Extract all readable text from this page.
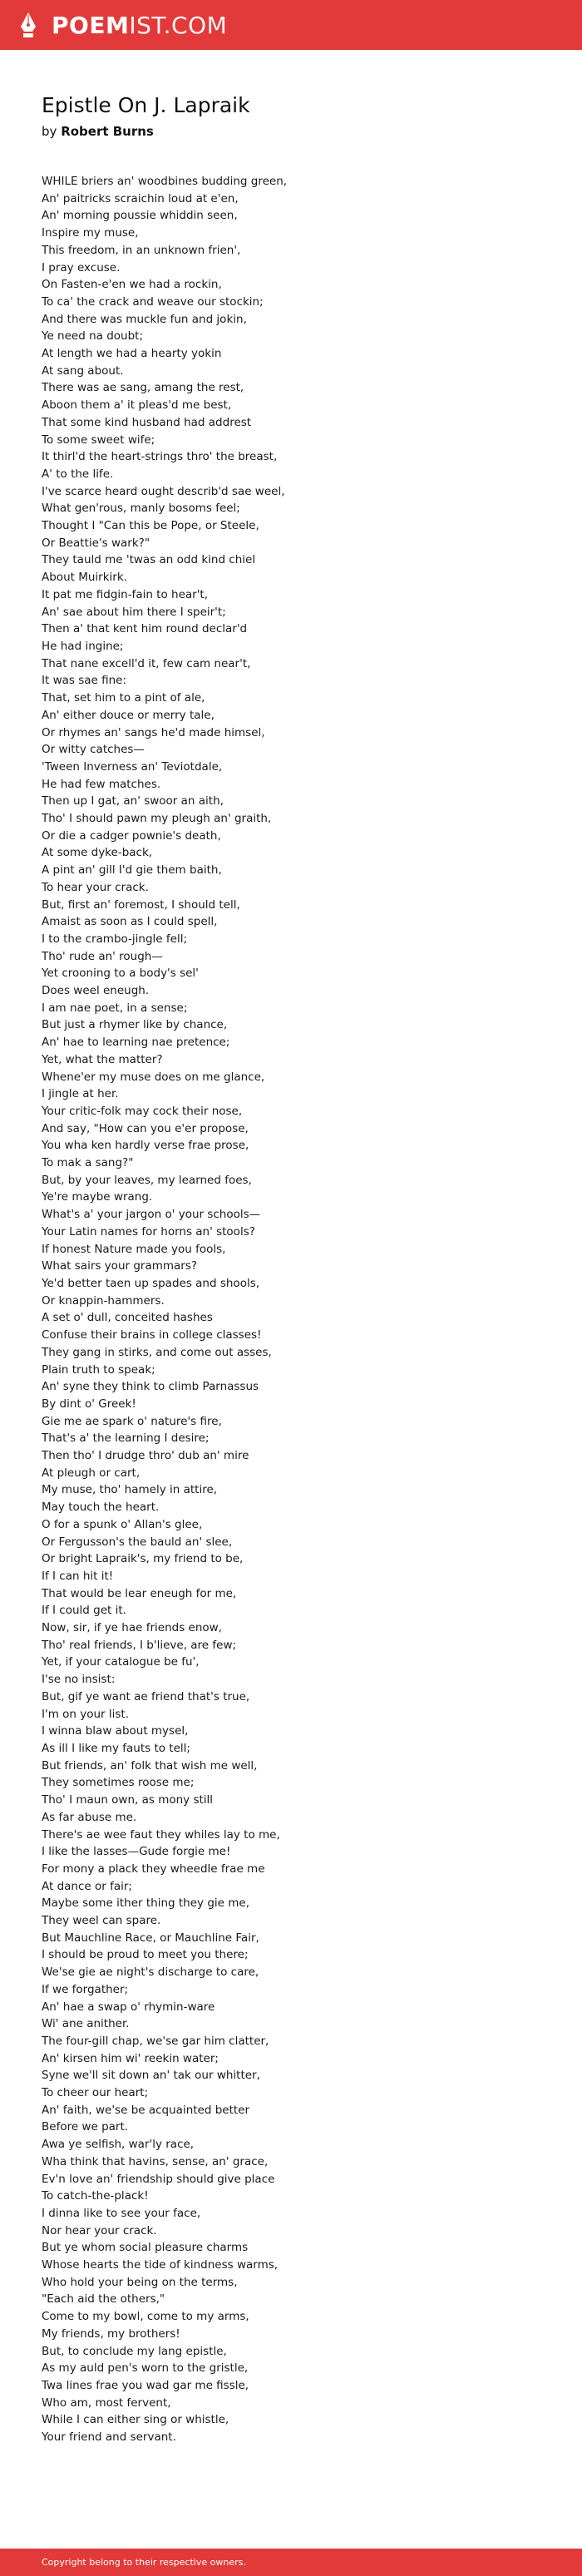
POEMIST.COM
Epistle On J. Lapraik
by Robert Burns
WHILE briers an' woodbines budding green,
An' paitricks scraichin loud at e'en,
An' morning poussie whiddin seen,
Inspire my muse,
This freedom, in an unknown frien',
I pray excuse.
On Fasten-e'en we had a rockin,
To ca' the crack and weave our stockin;
And there was muckle fun and jokin,
Ye need na doubt;
At length we had a hearty yokin
At sang about.
There was ae sang, amang the rest,
Aboon them a' it pleas'd me best,
That some kind husband had addrest
To some sweet wife;
It thirl'd the heart-strings thro' the breast,
A' to the life.
I've scarce heard ought describ'd sae weel,
What gen'rous, manly bosoms feel;
Thought I "Can this be Pope, or Steele,
Or Beattie's wark?"
They tauld me 'twas an odd kind chiel
About Muirkirk.
It pat me fidgin-fain to hear't,
An' sae about him there I speir't;
Then a' that kent him round declar'd
He had ingine;
That nane excell'd it, few cam near't,
It was sae fine:
That, set him to a pint of ale,
An' either douce or merry tale,
Or rhymes an' sangs he'd made himsel,
Or witty catches—
'Tween Inverness an' Teviotdale,
He had few matches.
Then up I gat, an' swoor an aith,
Tho' I should pawn my pleugh an' graith,
Or die a cadger pownie's death,
At some dyke-back,
A pint an' gill I'd gie them baith,
To hear your crack.
But, first an' foremost, I should tell,
Amaist as soon as I could spell,
I to the crambo-jingle fell;
Tho' rude an' rough—
Yet crooning to a body's sel'
Does weel eneugh.
I am nae poet, in a sense;
But just a rhymer like by chance,
An' hae to learning nae pretence;
Yet, what the matter?
Whene'er my muse does on me glance,
I jingle at her.
Your critic-folk may cock their nose,
And say, "How can you e'er propose,
You wha ken hardly verse frae prose,
To mak a sang?"
But, by your leaves, my learned foes,
Ye're maybe wrang.
What's a' your jargon o' your schools—
Your Latin names for horns an' stools?
If honest Nature made you fools,
What sairs your grammars?
Ye'd better taen up spades and shools,
Or knappin-hammers.
A set o' dull, conceited hashes
Confuse their brains in college classes!
They gang in stirks, and come out asses,
Plain truth to speak;
An' syne they think to climb Parnassus
By dint o' Greek!
Gie me ae spark o' nature's fire,
That's a' the learning I desire;
Then tho' I drudge thro' dub an' mire
At pleugh or cart,
My muse, tho' hamely in attire,
May touch the heart.
O for a spunk o' Allan's glee,
Or Fergusson's the bauld an' slee,
Or bright Lapraik's, my friend to be,
If I can hit it!
That would be lear eneugh for me,
If I could get it.
Now, sir, if ye hae friends enow,
Tho' real friends, I b'lieve, are few;
Yet, if your catalogue be fu',
I'se no insist:
But, gif ye want ae friend that's true,
I'm on your list.
I winna blaw about mysel,
As ill I like my fauts to tell;
But friends, an' folk that wish me well,
They sometimes roose me;
Tho' I maun own, as mony still
As far abuse me.
There's ae wee faut they whiles lay to me,
I like the lasses—Gude forgie me!
For mony a plack they wheedle frae me
At dance or fair;
Maybe some ither thing they gie me,
They weel can spare.
But Mauchline Race, or Mauchline Fair,
I should be proud to meet you there;
We'se gie ae night's discharge to care,
If we forgather;
An' hae a swap o' rhymin-ware
Wi' ane anither.
The four-gill chap, we'se gar him clatter,
An' kirsen him wi' reekin water;
Syne we'll sit down an' tak our whitter,
To cheer our heart;
An' faith, we'se be acquainted better
Before we part.
Awa ye selfish, war'ly race,
Wha think that havins, sense, an' grace,
Ev'n love an' friendship should give place
To catch-the-plack!
I dinna like to see your face,
Nor hear your crack.
But ye whom social pleasure charms
Whose hearts the tide of kindness warms,
Who hold your being on the terms,
"Each aid the others,"
Come to my bowl, come to my arms,
My friends, my brothers!
But, to conclude my lang epistle,
As my auld pen's worn to the gristle,
Twa lines frae you wad gar me fissle,
Who am, most fervent,
While I can either sing or whistle,
Your friend and servant.
Copyright belong to their respective owners.
